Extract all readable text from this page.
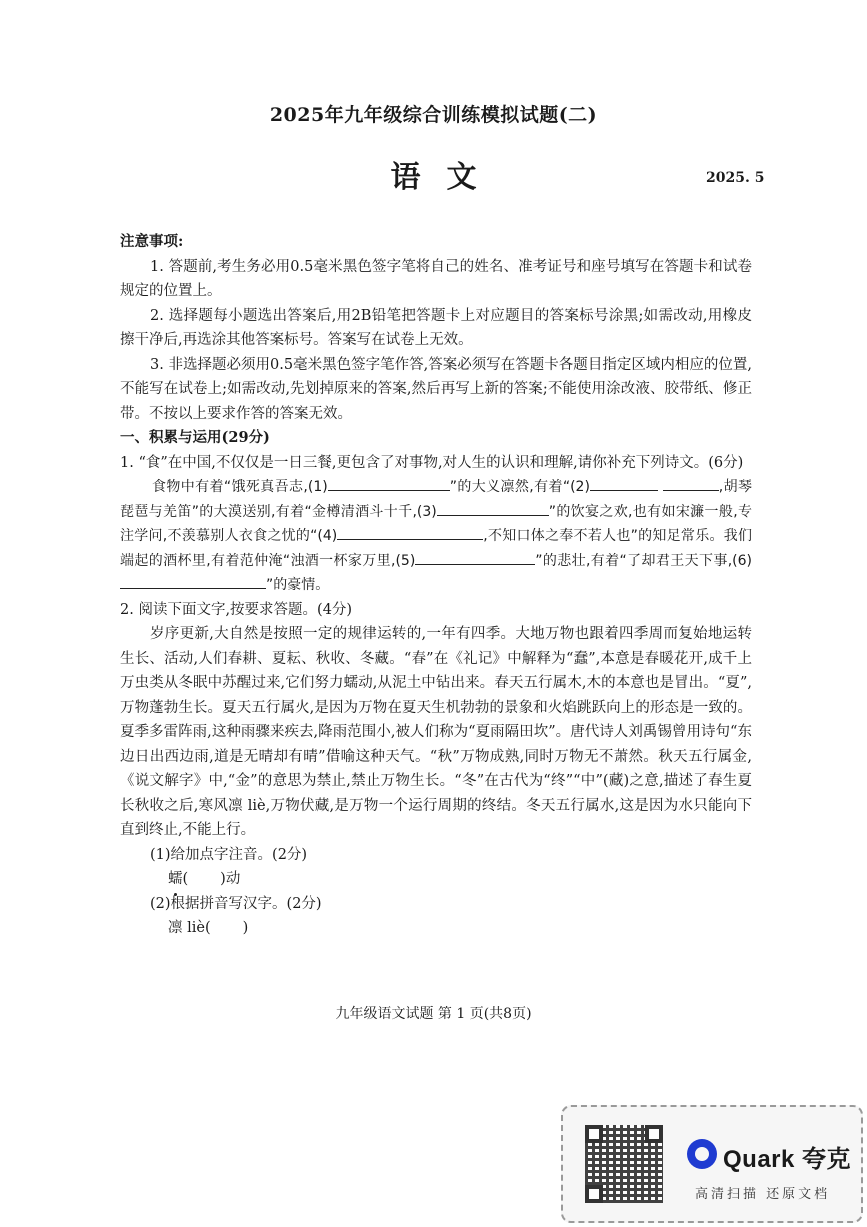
2025年九年级综合训练模拟试题(二)
语文	2025. 5
注意事项:

1. 答题前,考生务必用0.5毫米黑色签字笔将自己的姓名、准考证号和座号填写在答题卡和试卷规定的位置上。

2. 选择题每小题选出答案后,用2B铅笔把答题卡上对应题目的答案标号涂黑;如需改动,用橡皮擦干净后,再选涂其他答案标号。答案写在试卷上无效。

3. 非选择题必须用0.5毫米黑色签字笔作答,答案必须写在答题卡各题目指定区域内相应的位置,不能写在试卷上;如需改动,先划掉原来的答案,然后再写上新的答案;不能使用涂改液、胶带纸、修正带。不按以上要求作答的答案无效。

一、积累与运用(29分)

1. “食”在中国,不仅仅是一日三餐,更包含了对事物,对人生的认识和理解,请你补充下列诗文。(6分)

食物中有着“饿死真吾志,(1)	”的大义凛然,有着“(2)	,胡琴琵琶与羌笛”的大漠送别,有着“金樽清酒斗十千,(3)	”的饮宴之欢,也有如宋濂一般,专注学问,不羡慕别人衣食之忧的“(4)	,不知口体之奉不若人也”的知足常乐。我们端起的酒杯里,有着范仲淹“浊酒一杯家万里,(5)	”的悲壮,有着“了却君王天下事,(6)”的豪情。

2. 阅读下面文字,按要求答题。(4分)

岁序更新,大自然是按照一定的规律运转的,一年有四季。大地万物也跟着四季周而复始地运转生长、活动,人们春耕、夏耘、秋收、冬藏。“春”在《礼记》中解释为“蠢”,本意是春暖花开,成千上万虫类从冬眠中苏醒过来,它们努力蠕动,从泥土中钻出来。春天五行属木,木的本意也是冒出。“夏”,万物蓬勃生长。夏天五行属火,是因为万物在夏天生机勃勃的景象和火焰跳跃向上的形态是一致的。夏季多雷阵雨,这种雨骤来疾去,降雨范围小,被人们称为“夏雨隔田坎”。唐代诗人刘禹锡曾用诗句“东边日出西边雨,道是无晴却有晴”借喻这种天气。“秋”万物成熟,同时万物无不萧然。秋天五行属金,《说文解字》中,“金”的意思为禁止,禁止万物生长。“冬”在古代为“终”“中”(藏)之意,描述了春生夏长秋收之后,寒风凛 liè,万物伏藏,是万物一个运行周期的终结。冬天五行属水,这是因为水只能向下直到终止,不能上行。

(1)给加点字注音。(2分)

蠕( )动

(2)根据拼音写汉字。(2分)

凛 liè( )

九年级语文试题 第 1 页(共8页)
Quark 夸克
高清扫描 还原文档
